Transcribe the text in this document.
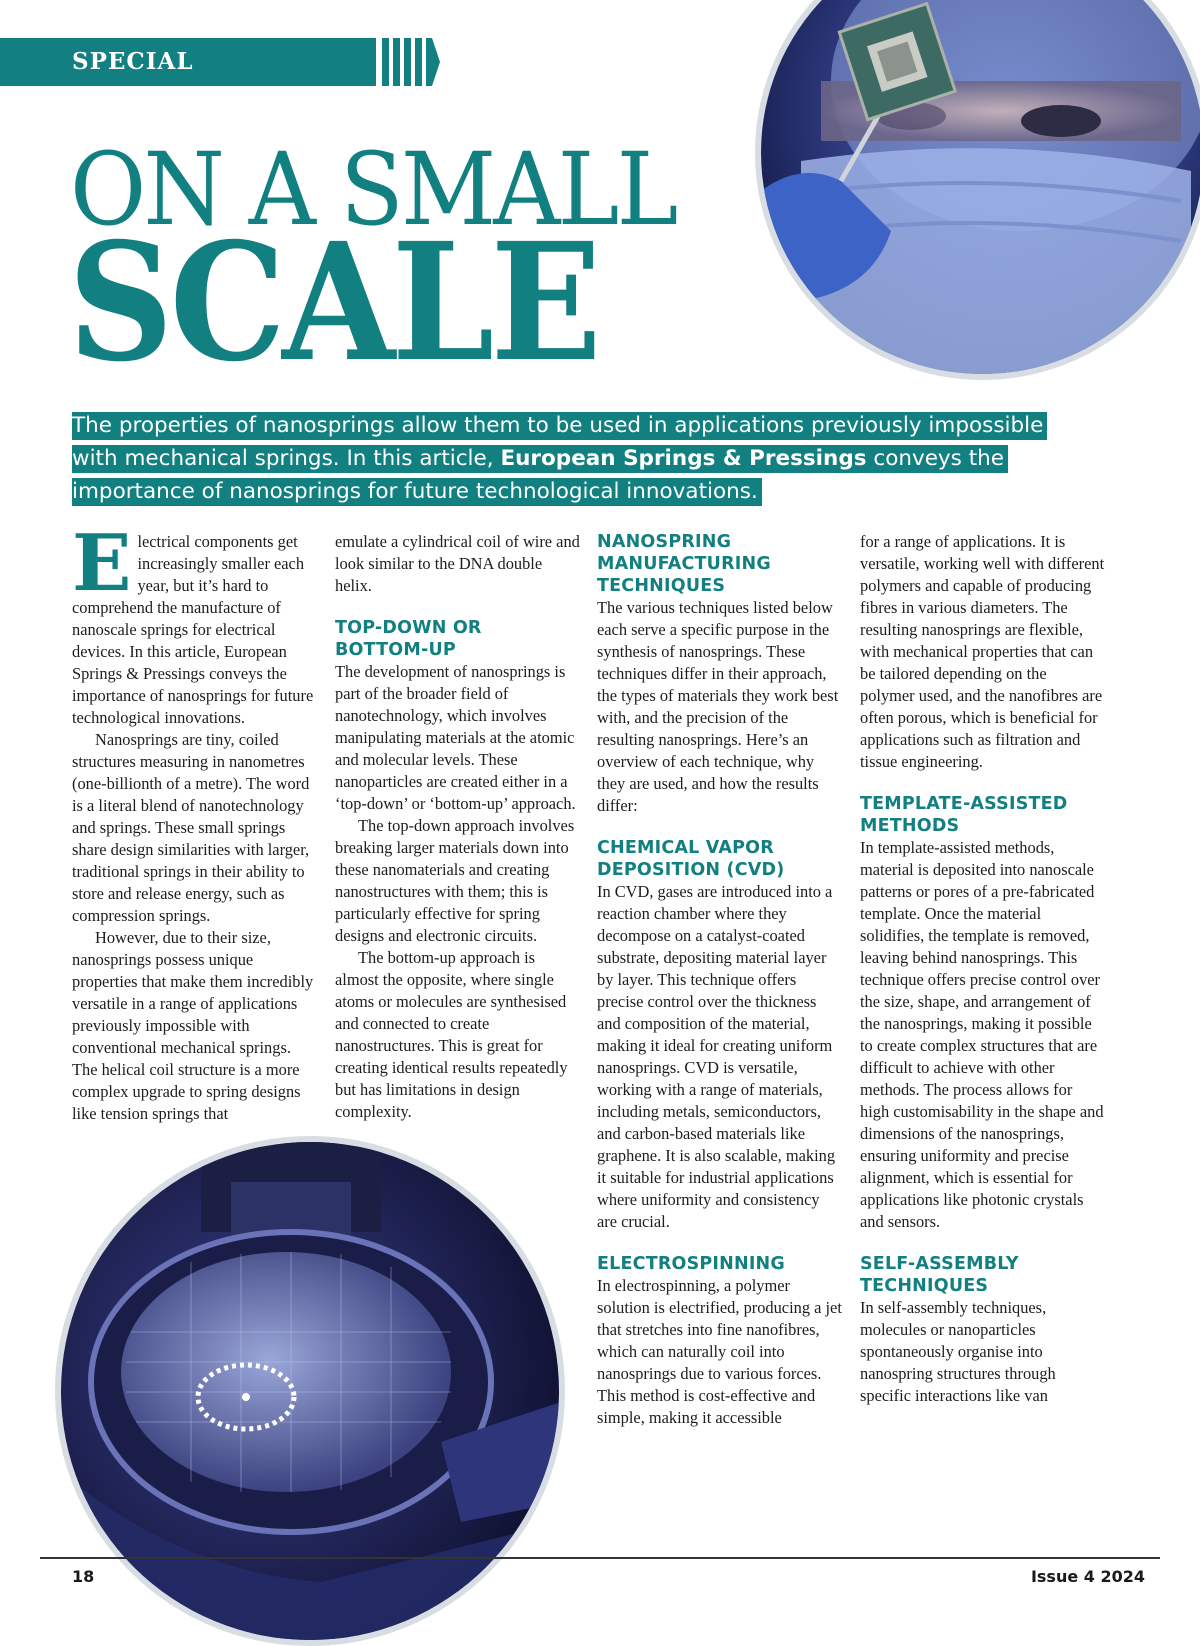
SPECIAL APPLICATIONS
ON A SMALL
SCALE
The properties of nanosprings allow them to be used in applications previously impossible with mechanical springs. In this article, European Springs & Pressings conveys the importance of nanosprings for future technological innovations.
E lectrical components get increasingly smaller each year, but it’s hard to comprehend the manufacture of nanoscale springs for electrical devices. In this article, European Springs & Pressings conveys the importance of nanosprings for future technological innovations.

Nanosprings are tiny, coiled structures measuring in nanometres (one-billionth of a metre). The word is a literal blend of nanotechnology and springs. These small springs share design similarities with larger, traditional springs in their ability to store and release energy, such as compression springs.

However, due to their size, nanosprings possess unique properties that make them incredibly versatile in a range of applications previously impossible with conventional mechanical springs. The helical coil structure is a more complex upgrade to spring designs like tension springs that

emulate a cylindrical coil of wire and look similar to the DNA double helix.

TOP-DOWN OR BOTTOM-UP

The development of nanosprings is part of the broader field of nanotechnology, which involves manipulating materials at the atomic and molecular levels. These nanoparticles are created either in a ‘top-down’ or ‘bottom-up’ approach.

The top-down approach involves breaking larger materials down into these nanomaterials and creating nanostructures with them; this is particularly effective for spring designs and electronic circuits.

The bottom-up approach is almost the opposite, where single atoms or molecules are synthesised and connected to create nanostructures. This is great for creating identical results repeatedly but has limitations in design complexity.

NANOSPRING MANUFACTURING TECHNIQUES

The various techniques listed below each serve a specific purpose in the synthesis of nanosprings. These techniques differ in their approach, the types of materials they work best with, and the precision of the resulting nanosprings. Here’s an overview of each technique, why they are used, and how the results differ:

CHEMICAL VAPOR DEPOSITION (CVD)

In CVD, gases are introduced into a reaction chamber where they decompose on a catalyst-coated substrate, depositing material layer by layer. This technique offers precise control over the thickness and composition of the material, making it ideal for creating uniform nanosprings. CVD is versatile, working with a range of materials, including metals, semiconductors, and carbon-based materials like graphene. It is also scalable, making it suitable for industrial applications where uniformity and consistency are crucial.

ELECTROSPINNING

In electrospinning, a polymer solution is electrified, producing a jet that stretches into fine nanofibres, which can naturally coil into nanosprings due to various forces. This method is cost-effective and simple, making it accessible

for a range of applications. It is versatile, working well with different polymers and capable of producing fibres in various diameters. The resulting nanosprings are flexible, with mechanical properties that can be tailored depending on the polymer used, and the nanofibres are often porous, which is beneficial for applications such as filtration and tissue engineering.

TEMPLATE-ASSISTED METHODS

In template-assisted methods, material is deposited into nanoscale patterns or pores of a pre-fabricated template. Once the material solidifies, the template is removed, leaving behind nanosprings. This technique offers precise control over the size, shape, and arrangement of the nanosprings, making it possible to create complex structures that are difficult to achieve with other methods. The process allows for high customisability in the shape and dimensions of the nanosprings, ensuring uniformity and precise alignment, which is essential for applications like photonic crystals and sensors.

SELF-ASSEMBLY TECHNIQUES

In self-assembly techniques, molecules or nanoparticles spontaneously organise into nanospring structures through specific interactions like van

18	Issue 4 2024
